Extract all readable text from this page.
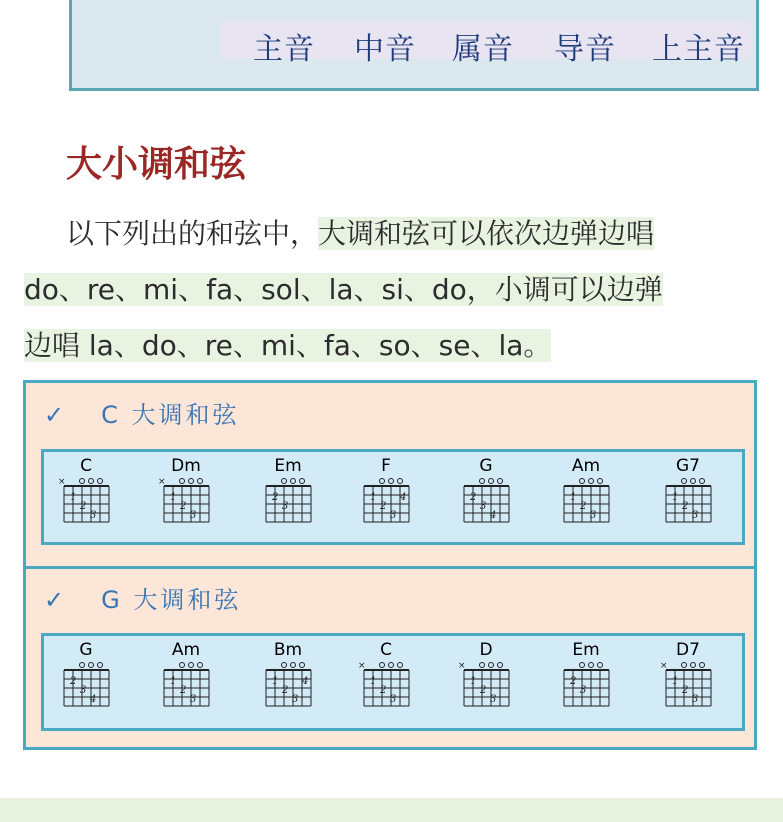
主音 中音 属音 导音 上主音
大小调和弦
以下列出的和弦中，大调和弦可以依次边弹边唱
do、re、mi、fa、sol、la、si、do，小调可以边弹
边唱 la、do、re、mi、fa、so、se、la。
✓ C 大调和弦
C
×
1
2
3
Dm
×
1
2
3
Em
2
3
F
1
2
3
4
G
2
3
4
Am
1
2
3
G7
1
2
3
✓ G 大调和弦
G
2
3
4
Am
1
2
3
Bm
1
2
3
4
C
×
1
2
3
D
×
1
2
3
Em
2
3
D7
×
1
2
3
